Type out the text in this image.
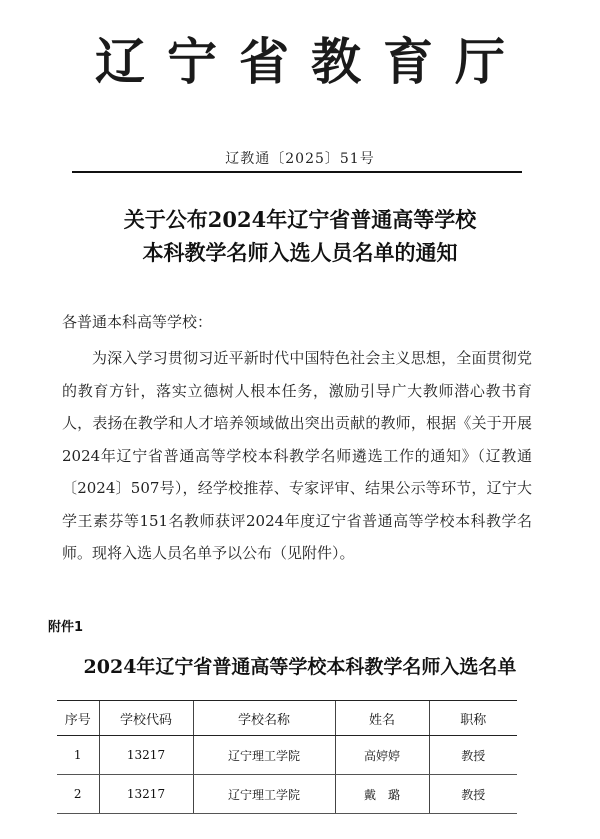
辽宁省教育厅
辽教通〔2025〕51号
关于公布2024年辽宁省普通高等学校
本科教学名师入选人员名单的通知
各普通本科高等学校：
为深入学习贯彻习近平新时代中国特色社会主义思想，全面贯彻党的教育方针，落实立德树人根本任务，激励引导广大教师潜心教书育人，表扬在教学和人才培养领域做出突出贡献的教师，根据《关于开展2024年辽宁省普通高等学校本科教学名师遴选工作的通知》（辽教通〔2024〕507号），经学校推荐、专家评审、结果公示等环节，辽宁大学王素芬等151名教师获评2024年度辽宁省普通高等学校本科教学名师。现将入选人员名单予以公布（见附件）。
附件1
2024年辽宁省普通高等学校本科教学名师入选名单
序号	学校代码	学校名称	姓名	职称
1	13217	辽宁理工学院	高婷婷	教授
2	13217	辽宁理工学院	戴　璐	教授
